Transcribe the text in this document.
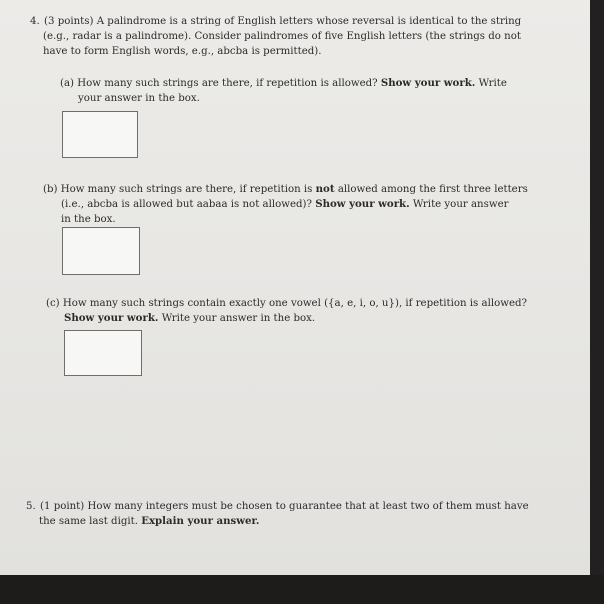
4. (3 points) A palindrome is a string of English letters whose reversal is identical to the string

(e.g., radar is a palindrome). Consider palindromes of five English letters (the strings do not

have to form English words, e.g., abcba is permitted).

(a) How many such strings are there, if repetition is allowed? Show your work. Write

your answer in the box.

(b) How many such strings are there, if repetition is not allowed among the first three letters

(i.e., abcba is allowed but aabaa is not allowed)? Show your work. Write your answer

in the box.

(c) How many such strings contain exactly one vowel ({a, e, i, o, u}), if repetition is allowed?

Show your work. Write your answer in the box.

5. (1 point) How many integers must be chosen to guarantee that at least two of them must have

the same last digit. Explain your answer.
